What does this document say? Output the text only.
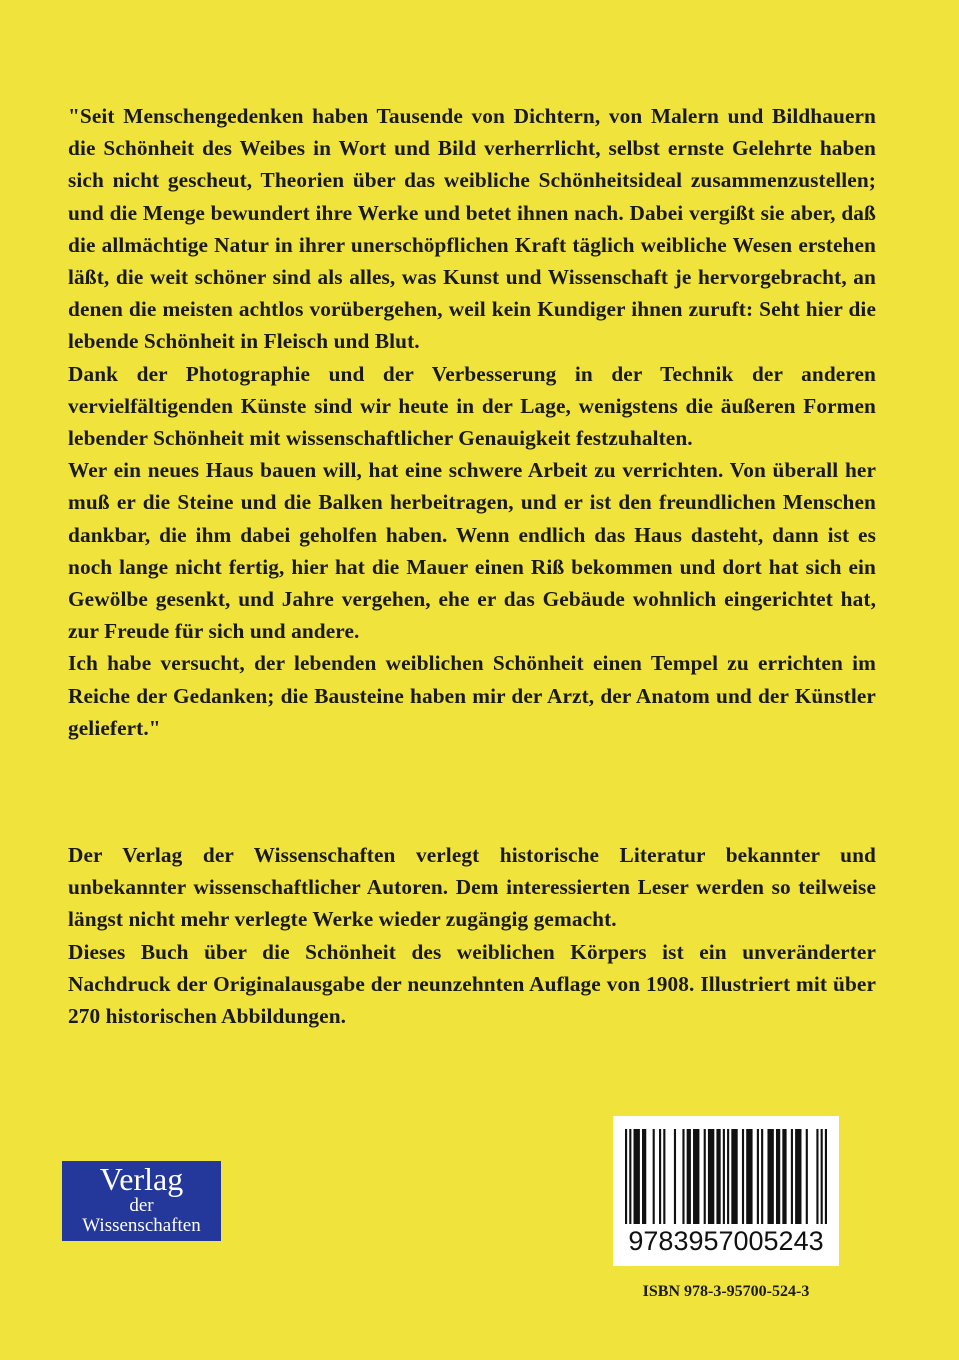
"Seit Menschengedenken haben Tausende von Dichtern, von Malern und Bildhauern die Schönheit des Weibes in Wort und Bild verherrlicht, selbst ernste Gelehrte haben sich nicht gescheut, Theorien über das weibliche Schönheitsideal zusammenzustellen; und die Menge bewundert ihre Werke und betet ihnen nach. Dabei vergißt sie aber, daß die allmächtige Natur in ihrer unerschöpflichen Kraft täglich weibliche Wesen erstehen läßt, die weit schöner sind als alles, was Kunst und Wissenschaft je hervorgebracht, an denen die meisten achtlos vorübergehen, weil kein Kundiger ihnen zuruft: Seht hier die lebende Schönheit in Fleisch und Blut.

Dank der Photographie und der Verbesserung in der Technik der anderen vervielfältigenden Künste sind wir heute in der Lage, wenigstens die äußeren Formen lebender Schönheit mit wissenschaftlicher Genauigkeit festzuhalten.

Wer ein neues Haus bauen will, hat eine schwere Arbeit zu verrichten. Von überall her muß er die Steine und die Balken herbeitragen, und er ist den freundlichen Menschen dankbar, die ihm dabei geholfen haben. Wenn endlich das Haus dasteht, dann ist es noch lange nicht fertig, hier hat die Mauer einen Riß bekommen und dort hat sich ein Gewölbe gesenkt, und Jahre vergehen, ehe er das Gebäude wohnlich eingerichtet hat, zur Freude für sich und andere.

Ich habe versucht, der lebenden weiblichen Schönheit einen Tempel zu errichten im Reiche der Gedanken; die Bausteine haben mir der Arzt, der Anatom und der Künstler geliefert."

Der Verlag der Wissenschaften verlegt historische Literatur bekannter und unbekannter wissenschaftlicher Autoren. Dem interessierten Leser werden so teilweise längst nicht mehr verlegte Werke wieder zugängig gemacht.

Dieses Buch über die Schönheit des weiblichen Körpers ist ein unveränderter Nachdruck der Originalausgabe der neunzehnten Auflage von 1908. Illustriert mit über 270 historischen Abbildungen.

Verlag
der
Wissenschaften
9783957005243
ISBN 978-3-95700-524-3
